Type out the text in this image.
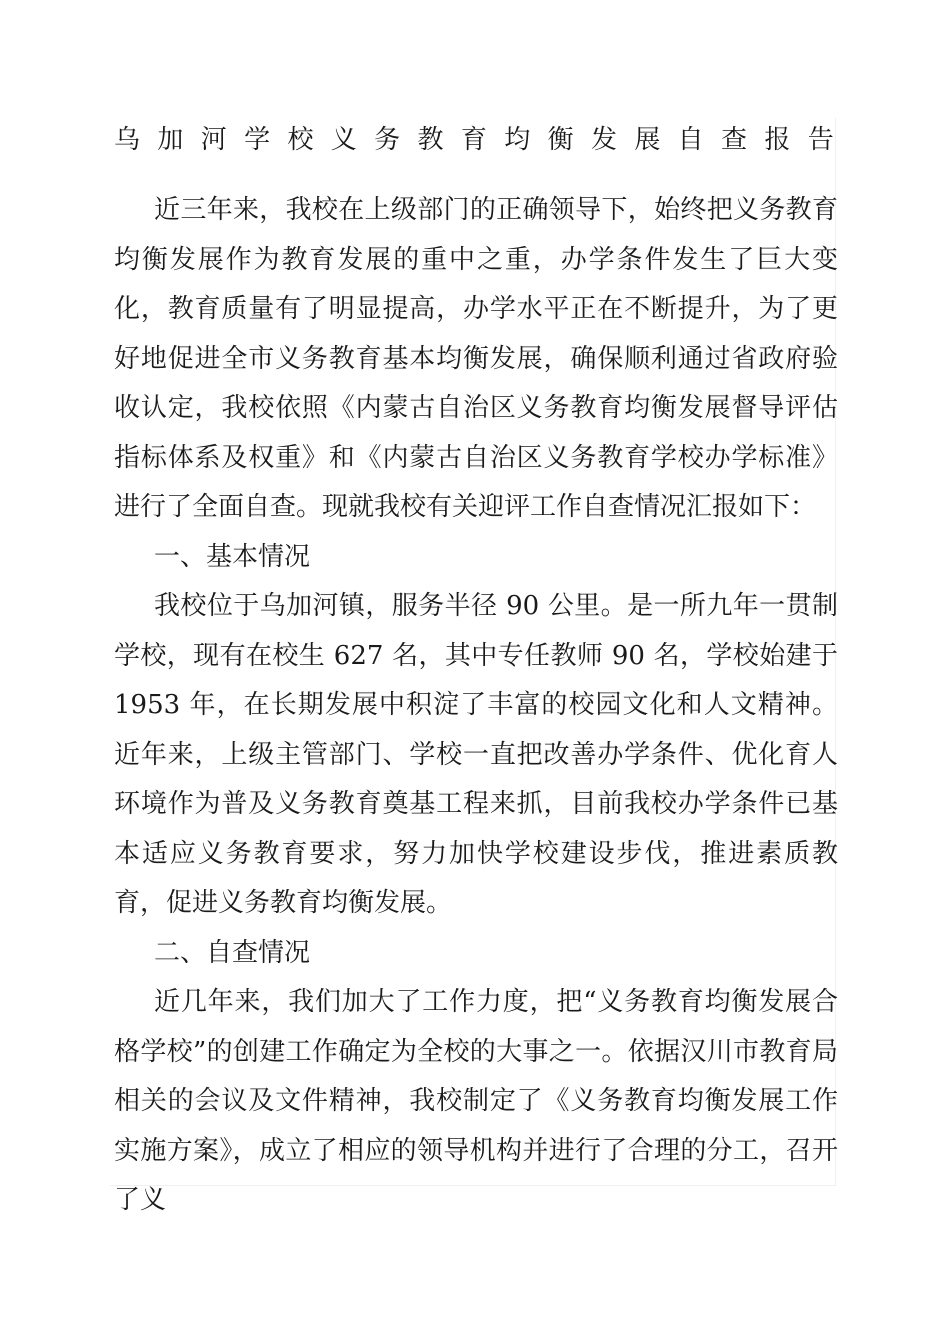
乌 加 河 学 校 义 务 教 育 均 衡 发 展 自 查 报 告

近三年来，我校在上级部门的正确领导下，始终把义务教育均衡发展作为教育发展的重中之重，办学条件发生了巨大变化，教育质量有了明显提高，办学水平正在不断提升，为了更好地促进全市义务教育基本均衡发展，确保顺利通过省政府验收认定，我校依照《内蒙古自治区义务教育均衡发展督导评估指标体系及权重》和《内蒙古自治区义务教育学校办学标准》进行了全面自查。现就我校有关迎评工作自查情况汇报如下：

一、基本情况

我校位于乌加河镇，服务半径 90 公里。是一所九年一贯制学校，现有在校生 627 名，其中专任教师 90 名，学校始建于 1953 年，在长期发展中积淀了丰富的校园文化和人文精神。近年来，上级主管部门、学校一直把改善办学条件、优化育人环境作为普及义务教育奠基工程来抓，目前我校办学条件已基本适应义务教育要求，努力加快学校建设步伐，推进素质教育，促进义务教育均衡发展。

二、自查情况

近几年来，我们加大了工作力度，把“义务教育均衡发展合格学校”的创建工作确定为全校的大事之一。依据汉川市教育局相关的会议及文件精神，我校制定了《义务教育均衡发展工作实施方案》，成立了相应的领导机构并进行了合理的分工，召开了义
